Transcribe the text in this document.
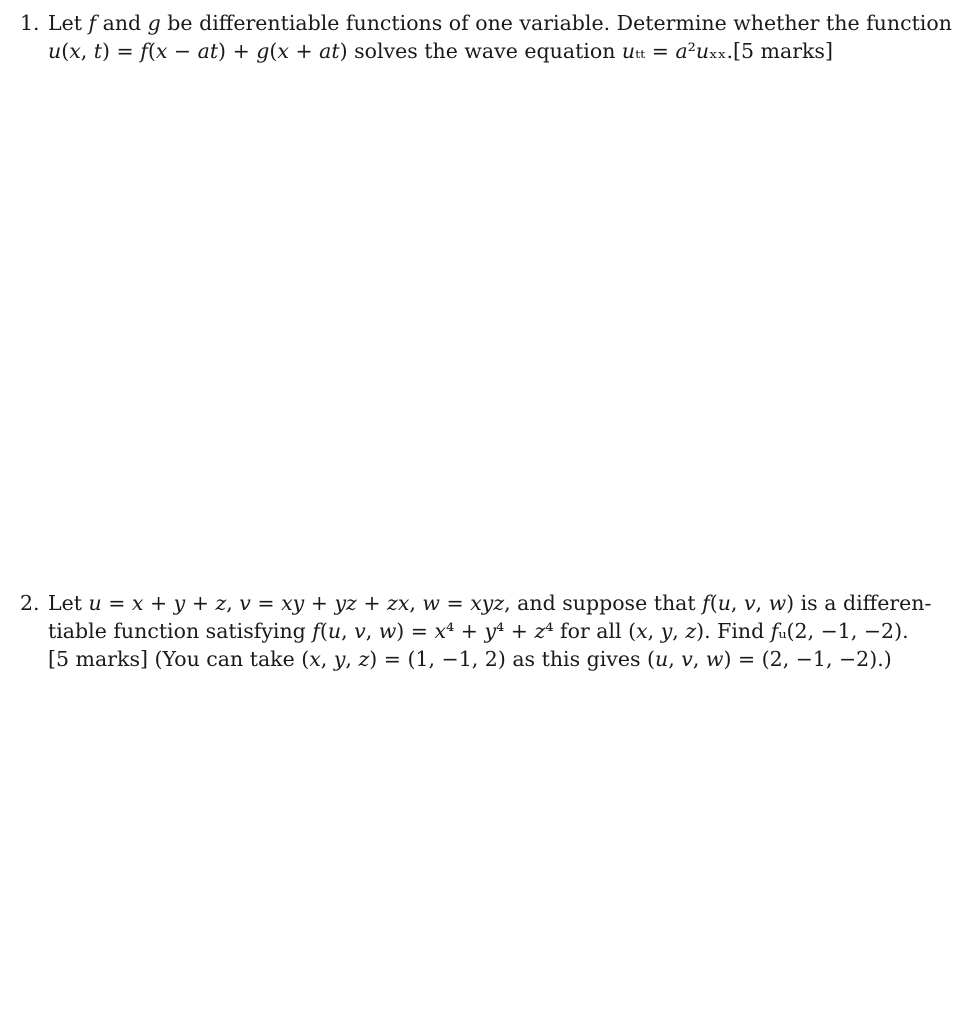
1. Let 𝑓 and 𝑔 be differentiable functions of one variable. Determine whether the function
𝑢(𝑥, 𝑡) = 𝑓(𝑥 − 𝑎𝑡) + 𝑔(𝑥 + 𝑎𝑡) solves the wave equation 𝑢ₜₜ = 𝑎²𝑢ₓₓ.[5 marks]
2. Let 𝑢 = 𝑥 + 𝑦 + 𝑧, 𝑣 = 𝑥𝑦 + 𝑦𝑧 + 𝑧𝑥, 𝑤 = 𝑥𝑦𝑧, and suppose that 𝑓(𝑢, 𝑣, 𝑤) is a differen-
tiable function satisfying 𝑓(𝑢, 𝑣, 𝑤) = 𝑥⁴ + 𝑦⁴ + 𝑧⁴ for all (𝑥, 𝑦, 𝑧). Find 𝑓ᵤ(2, −1, −2).
[5 marks] (You can take (𝑥, 𝑦, 𝑧) = (1, −1, 2) as this gives (𝑢, 𝑣, 𝑤) = (2, −1, −2).)
